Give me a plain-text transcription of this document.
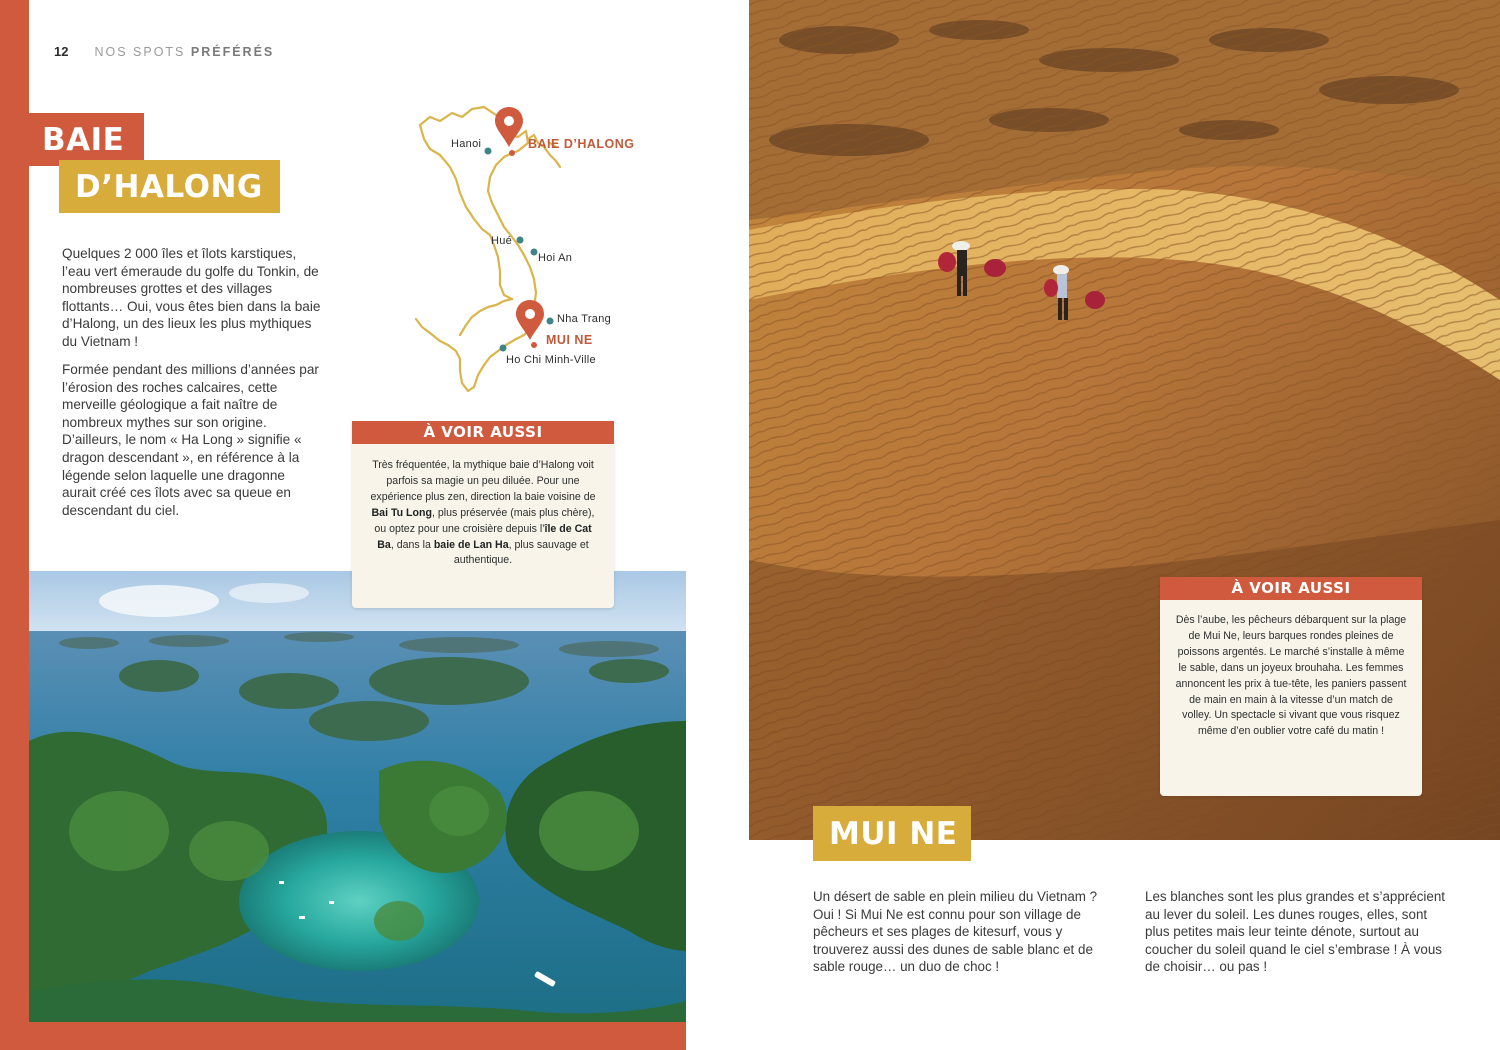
12 NOS SPOTS PRÉFÉRÉS
BAIE
D’HALONG

Quelques 2 000 îles et îlots karstiques, l’eau vert émeraude du golfe du Tonkin, de nombreuses grottes et des villages flottants… Oui, vous êtes bien dans la baie d’Halong, un des lieux les plus mythiques du Vietnam !

Formée pendant des millions d’années par l’érosion des roches calcaires, cette merveille géologique a fait naître de nombreux mythes sur son origine. D’ailleurs, le nom « Ha Long » signifie « dragon descendant », en référence à la légende selon laquelle une dragonne aurait créé ces îlots avec sa queue en descendant du ciel.

Hanoi	BAIE D’HALONG
Hué
Hoi An
Nha Trang
MUI NE
Ho Chi Minh-Ville
À VOIR AUSSI
Très fréquentée, la mythique baie d’Halong voit parfois sa magie un peu diluée. Pour une expérience plus zen, direction la baie voisine de Bai Tu Long, plus préservée (mais plus chère), ou optez pour une croisière depuis l’île de Cat Ba, dans la baie de Lan Ha, plus sauvage et authentique.
À VOIR AUSSI
Dès l’aube, les pêcheurs débarquent sur la plage de Mui Ne, leurs barques rondes pleines de poissons argentés. Le marché s’installe à même le sable, dans un joyeux brouhaha. Les femmes annoncent les prix à tue-tête, les paniers passent de main en main à la vitesse d’un match de volley. Un spectacle si vivant que vous risquez même d’en oublier votre café du matin !
MUI NE

Un désert de sable en plein milieu du Vietnam ? Oui ! Si Mui Ne est connu pour son village de pêcheurs et ses plages de kitesurf, vous y trouverez aussi des dunes de sable blanc et de sable rouge… un duo de choc !

Les blanches sont les plus grandes et s’apprécient au lever du soleil. Les dunes rouges, elles, sont plus petites mais leur teinte dénote, surtout au coucher du soleil quand le ciel s’embrase ! À vous de choisir… ou pas !
